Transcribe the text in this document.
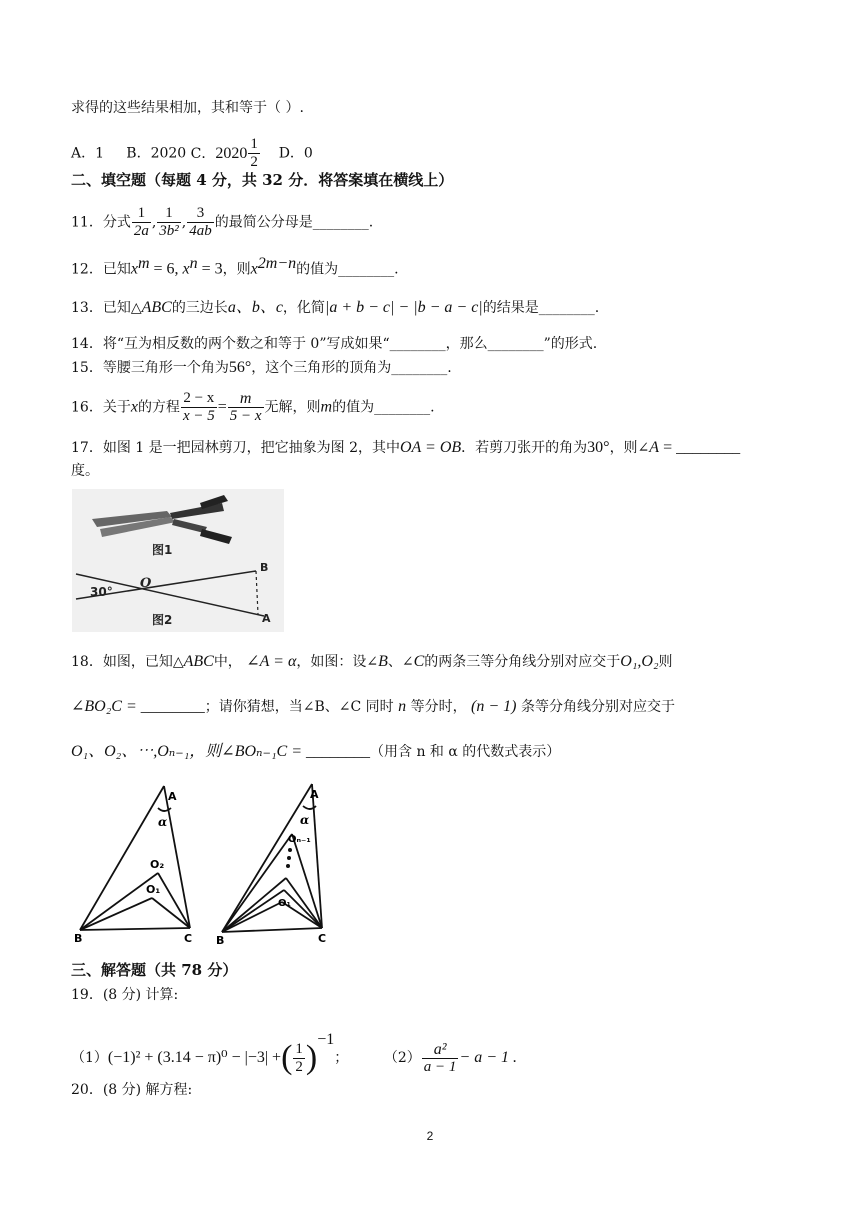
求得的这些结果相加，其和等于（ ）.
A．1 B．2020 C．$2020 \frac{1}{2}$ D．0
二、填空题（每题 4 分，共 32 分．将答案填在横线上）
11．分式 $\frac{1}{2a}$ , $\frac{1}{\text{3b²}}$ , $\frac{3}{4ab}$ 的最简公分母是________.
12．已知$x^m = 6$, $x^n = 3$，则$x^{2m-n}$的值为________.
13．已知△ABC的三边长a、b、c，化简|a + b − c| − |b − a − c|的结果是________.
14．将“互为相反数的两个数之和等于 0”写成如果“________，那么________”的形式.
15．等腰三角形一个角为56°，这个三角形的顶角为________.
16．关于x的方程 $\frac{2 - x}{x - 5} = \frac{m}{5 - x}$ 无解，则m的值为________.
17．如图 1 是一把园林剪刀，把它抽象为图 2，其中OA = OB．若剪刀张开的角为30°，则∠A = ________
度。
图1
30°
O
B
A
图2
18．如图，已知△ABC中， ∠A = α，如图：设∠B、∠C的两条三等分角线分别对应交于O₁,O₂则
∠BO₂C = ________；请你猜想，当∠B、∠C 同时 n 等分时， (n − 1) 条等分角线分别对应交于
O₁、O₂、⋯,Oₙ₋₁，则∠BOₙ₋₁C = ________（用含 n 和 α 的代数式表示）
A
α
O₂
O₁
B	C
A
α
Oₙ₋₁
O₁
B	C
三、解答题（共 78 分）
19．(8 分) 计算:
（1）(−1)² + (3.14 − π)⁰ − |−3| +( $\frac{1}{2} )^{-1}$；	$(2) \frac{\text{a²}}{a - 1} - a - 1$ .
20．(8 分) 解方程:
2
